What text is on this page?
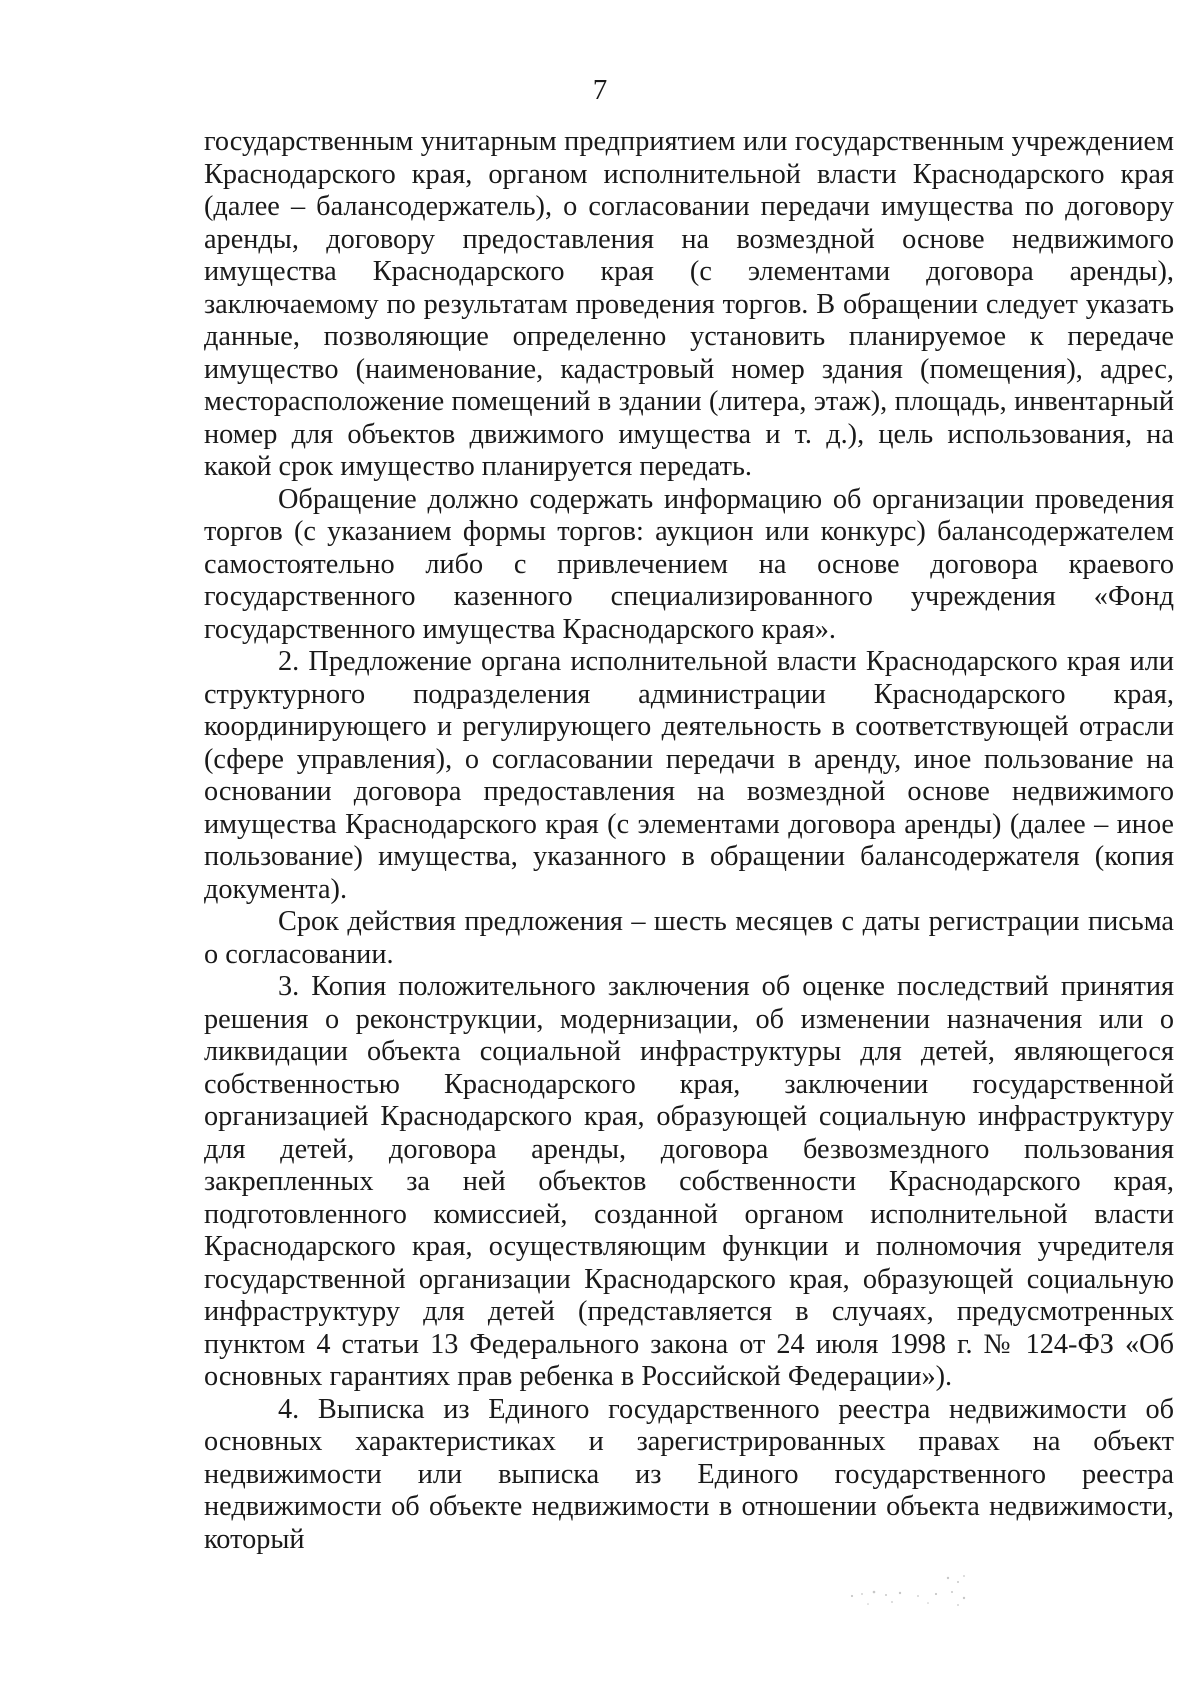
7

государственным унитарным предприятием или государственным учреждением Краснодарского края, органом исполнительной власти Краснодарского края (далее – балансодержатель), о согласовании передачи имущества по договору аренды, договору предоставления на возмездной основе недвижимого имущества Краснодарского края (с элементами договора аренды), заключаемому по результатам проведения торгов. В обращении следует указать данные, позволяющие определенно установить планируемое к передаче имущество (наименование, кадастровый номер здания (помещения), адрес, месторасположение помещений в здании (литера, этаж), площадь, инвентарный номер для объектов движимого имущества и т. д.), цель использования, на какой срок имущество планируется передать.

Обращение должно содержать информацию об организации проведения торгов (с указанием формы торгов: аукцион или конкурс) балансодержателем самостоятельно либо с привлечением на основе договора краевого государственного казенного специализированного учреждения «Фонд государственного имущества Краснодарского края».

2. Предложение органа исполнительной власти Краснодарского края или структурного подразделения администрации Краснодарского края, координирующего и регулирующего деятельность в соответствующей отрасли (сфере управления), о согласовании передачи в аренду, иное пользование на основании договора предоставления на возмездной основе недвижимого имущества Краснодарского края (с элементами договора аренды) (далее – иное пользование) имущества, указанного в обращении балансодержателя (копия документа).

Срок действия предложения – шесть месяцев с даты регистрации письма о согласовании.

3. Копия положительного заключения об оценке последствий принятия решения о реконструкции, модернизации, об изменении назначения или о ликвидации объекта социальной инфраструктуры для детей, являющегося собственностью Краснодарского края, заключении государственной организацией Краснодарского края, образующей социальную инфраструктуру для детей, договора аренды, договора безвозмездного пользования закрепленных за ней объектов собственности Краснодарского края, подготовленного комиссией, созданной органом исполнительной власти Краснодарского края, осуществляющим функции и полномочия учредителя государственной организации Краснодарского края, образующей социальную инфраструктуру для детей (представляется в случаях, предусмотренных пунктом 4 статьи 13 Федерального закона от 24 июля 1998 г. № 124-ФЗ «Об основных гарантиях прав ребенка в Российской Федерации»).

4. Выписка из Единого государственного реестра недвижимости об основных характеристиках и зарегистрированных правах на объект недвижимости или выписка из Единого государственного реестра недвижимости об объекте недвижимости в отношении объекта недвижимости, который
